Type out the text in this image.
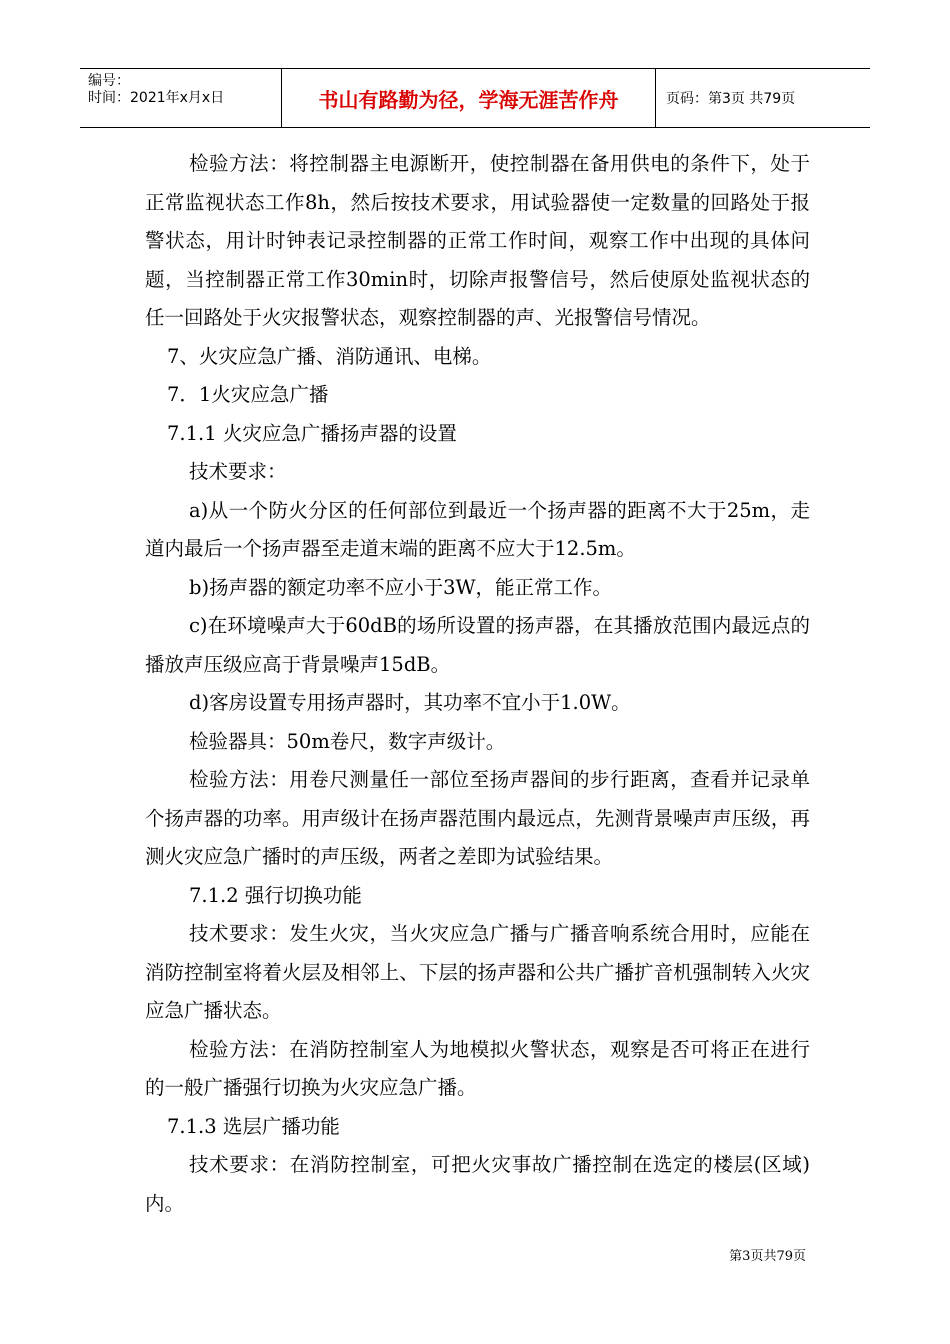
编号：
时间：2021年x月x日	书山有路勤为径，学海无涯苦作舟	页码：第3页 共79页

检验方法：将控制器主电源断开，使控制器在备用供电的条件下，处于正常监视状态工作8h，然后按技术要求，用试验器使一定数量的回路处于报警状态，用计时钟表记录控制器的正常工作时间，观察工作中出现的具体问题，当控制器正常工作30min时，切除声报警信号，然后使原处监视状态的任一回路处于火灾报警状态，观察控制器的声、光报警信号情况。

7、火灾应急广播、消防通讯、电梯。

7．1火灾应急广播

7.1.1 火灾应急广播扬声器的设置

技术要求：

a)从一个防火分区的任何部位到最近一个扬声器的距离不大于25m，走道内最后一个扬声器至走道末端的距离不应大于12.5m。

b)扬声器的额定功率不应小于3W，能正常工作。

c)在环境噪声大于60dB的场所设置的扬声器，在其播放范围内最远点的播放声压级应高于背景噪声15dB。

d)客房设置专用扬声器时，其功率不宜小于1.0W。

检验器具：50m卷尺，数字声级计。

检验方法：用卷尺测量任一部位至扬声器间的步行距离，查看并记录单个扬声器的功率。用声级计在扬声器范围内最远点，先测背景噪声声压级，再测火灾应急广播时的声压级，两者之差即为试验结果。

7.1.2 强行切换功能

技术要求：发生火灾，当火灾应急广播与广播音响系统合用时，应能在消防控制室将着火层及相邻上、下层的扬声器和公共广播扩音机强制转入火灾应急广播状态。

检验方法：在消防控制室人为地模拟火警状态，观察是否可将正在进行的一般广播强行切换为火灾应急广播。

7.1.3 选层广播功能

技术要求：在消防控制室，可把火灾事故广播控制在选定的楼层(区域)内。

第3页共79页
